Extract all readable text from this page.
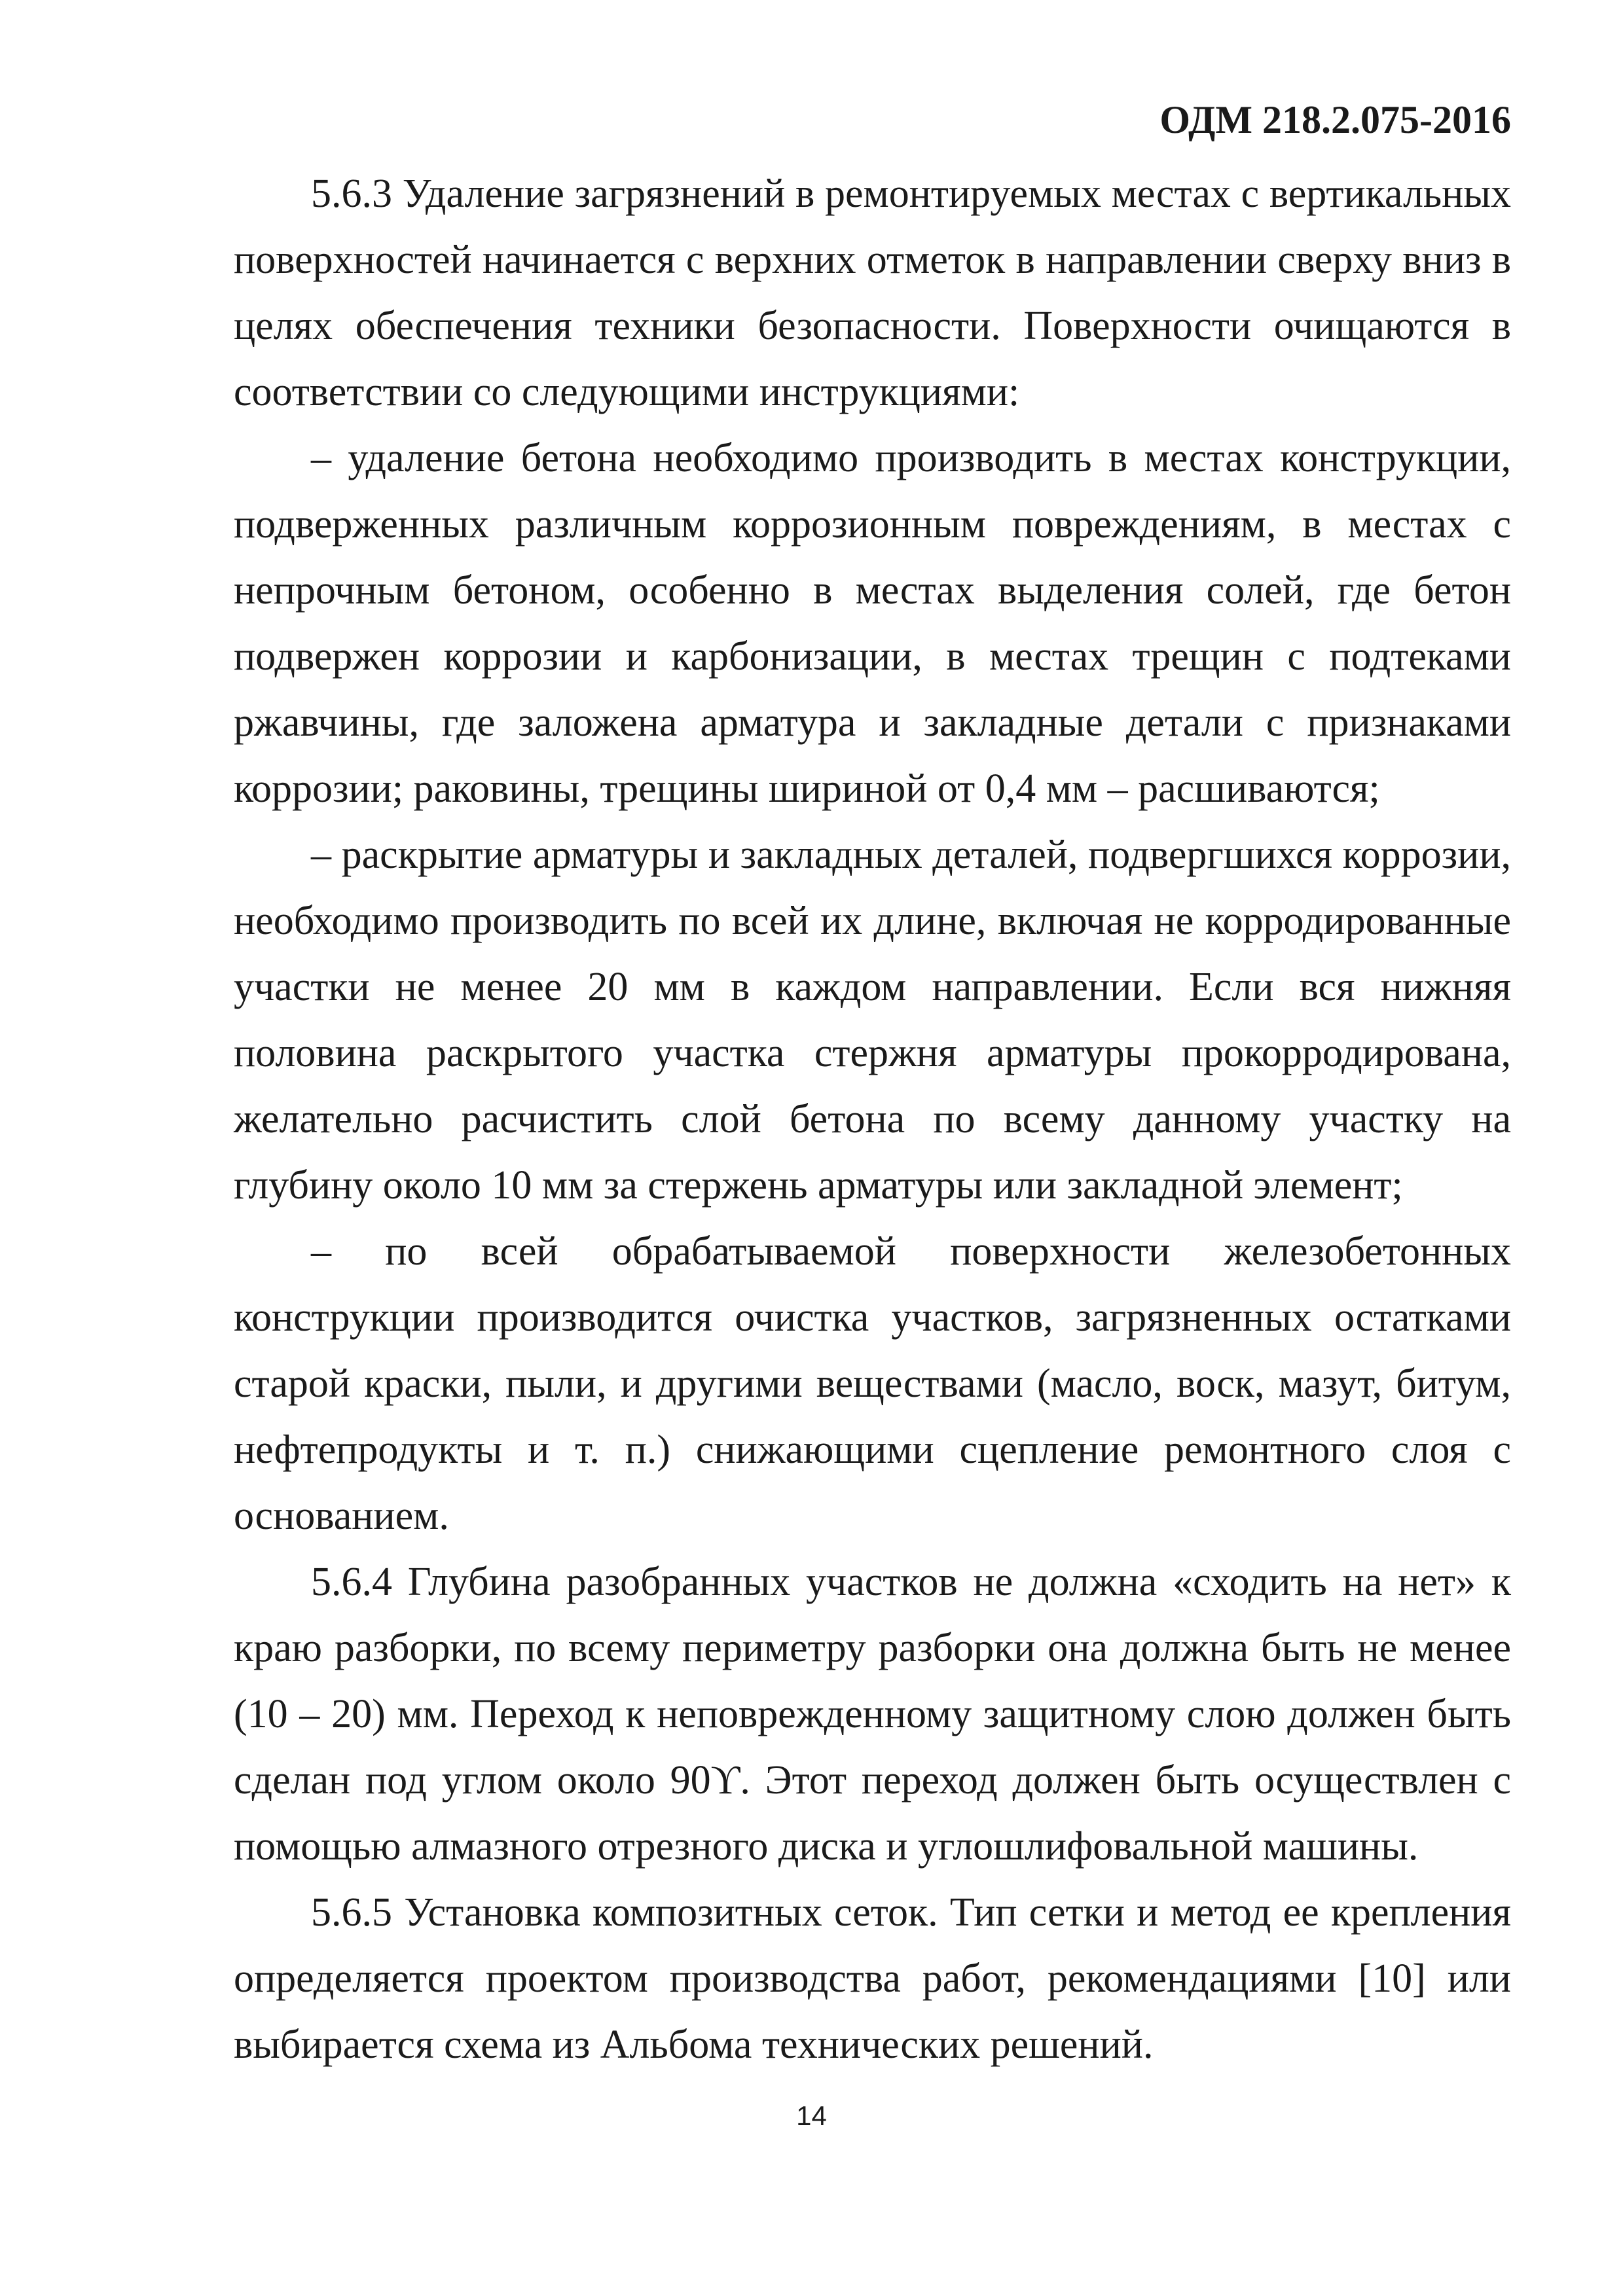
ОДМ 218.2.075-2016

5.6.3 Удаление загрязнений в ремонтируемых местах с вертикальных поверхностей начинается с верхних отметок в направлении сверху вниз в целях обеспечения техники безопасности. Поверхности очищаются в соответствии со следующими инструкциями:

– удаление бетона необходимо производить в местах конструкции, подверженных различным коррозионным повреждениям, в местах с непрочным бетоном, особенно в местах выделения солей, где бетон подвержен коррозии и карбонизации, в местах трещин с подтеками ржавчины, где заложена арматура и закладные детали с признаками коррозии; раковины, трещины шириной от 0,4 мм – расшиваются;

– раскрытие арматуры и закладных деталей, подвергшихся коррозии, необходимо производить по всей их длине, включая не корродированные участки не менее 20 мм в каждом направлении. Если вся нижняя половина раскрытого участка стержня арматуры прокорродирована, желательно расчистить слой бетона по всему данному участку на глубину около 10 мм за стержень арматуры или закладной элемент;

– по всей обрабатываемой поверхности железобетонных конструкции производится очистка участков, загрязненных остатками старой краски, пыли, и другими веществами (масло, воск, мазут, битум, нефтепродукты и т. п.) снижающими сцепление ремонтного слоя с основанием.

5.6.4 Глубина разобранных участков не должна «сходить на нет» к краю разборки, по всему периметру разборки она должна быть не менее (10 – 20) мм. Переход к неповрежденному защитному слою должен быть сделан под углом около 90ϒ. Этот переход должен быть осуществлен с помощью алмазного отрезного диска и углошлифовальной машины.

5.6.5 Установка композитных сеток. Тип сетки и метод ее крепления определяется проектом производства работ, рекомендациями [10] или выбирается схема из Альбома технических решений.

14
